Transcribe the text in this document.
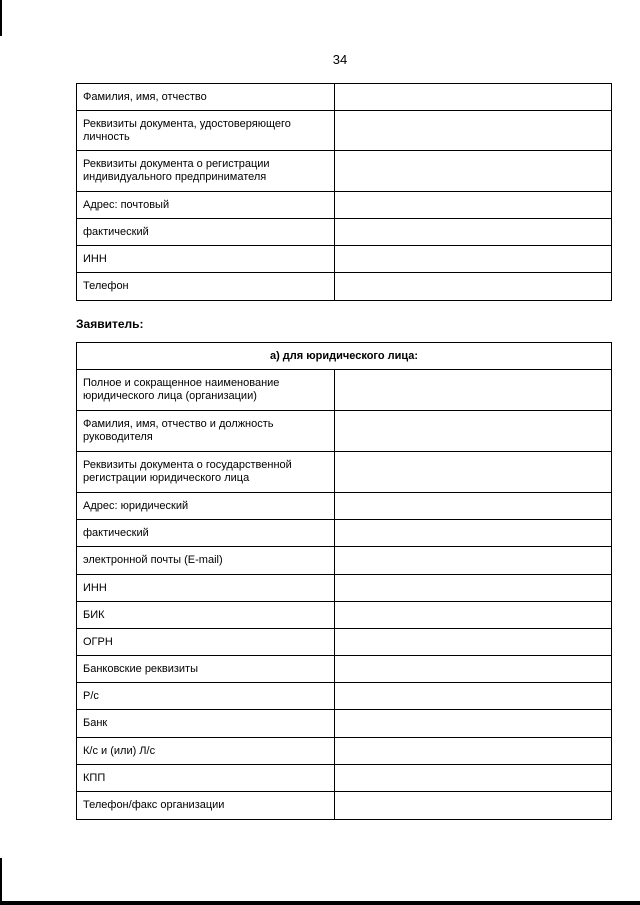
34
Фамилия, имя, отчество	
Реквизиты документа, удостоверяющего личность	
Реквизиты документа о регистрации индивидуального предпринимателя	
Адрес: почтовый	
фактический	
ИНН	
Телефон	
Заявитель:
а) для юридического лица:	
Полное и сокращенное наименование юридического лица (организации)	
Фамилия, имя, отчество и должность руководителя	
Реквизиты документа о государственной регистрации юридического лица	
Адрес: юридический	
фактический	
электронной почты (E-mail)	
ИНН	
БИК	
ОГРН	
Банковские реквизиты	
Р/с	
Банк	
К/с и (или) Л/с	
КПП	
Телефон/факс организации	
